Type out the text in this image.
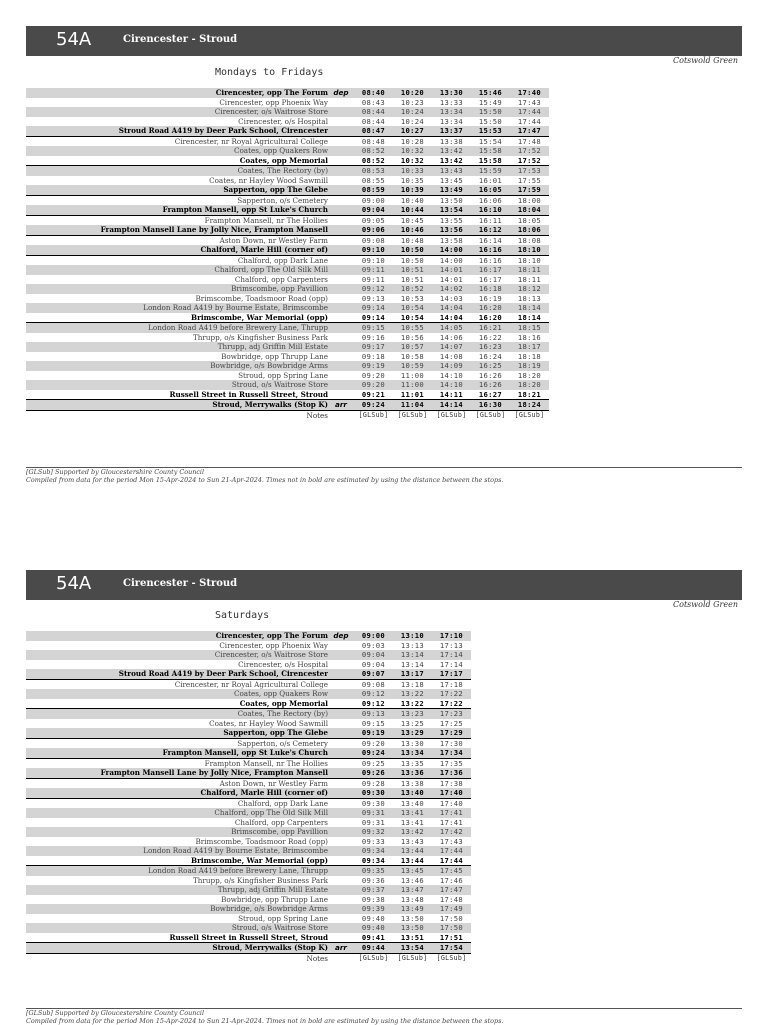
54A	Cirencester - Stroud
Cotswold Green
Mondays to Fridays
Cirencester, opp The Forum	dep	08:40	10:20	13:30	15:46	17:40
Cirencester, opp Phoenix Way		08:43	10:23	13:33	15:49	17:43
Cirencester, o/s Waitrose Store		08:44	10:24	13:34	15:50	17:44
Cirencester, o/s Hospital		08:44	10:24	13:34	15:50	17:44
Stroud Road A419 by Deer Park School, Cirencester		08:47	10:27	13:37	15:53	17:47
Cirencester, nr Royal Agricultural College		08:48	10:28	13:38	15:54	17:48
Coates, opp Quakers Row		08:52	10:32	13:42	15:58	17:52
Coates, opp Memorial		08:52	10:32	13:42	15:58	17:52
Coates, The Rectory (by)		08:53	10:33	13:43	15:59	17:53
Coates, nr Hayley Wood Sawmill		08:55	10:35	13:45	16:01	17:55
Sapperton, opp The Glebe		08:59	10:39	13:49	16:05	17:59
Sapperton, o/s Cemetery		09:00	10:40	13:50	16:06	18:00
Frampton Mansell, opp St Luke's Church		09:04	10:44	13:54	16:10	18:04
Frampton Mansell, nr The Hollies		09:05	10:45	13:55	16:11	18:05
Frampton Mansell Lane by Jolly Nice, Frampton Mansell		09:06	10:46	13:56	16:12	18:06
Aston Down, nr Westley Farm		09:08	10:48	13:58	16:14	18:08
Chalford, Marle Hill (corner of)		09:10	10:50	14:00	16:16	18:10
Chalford, opp Dark Lane		09:10	10:50	14:00	16:16	18:10
Chalford, opp The Old Silk Mill		09:11	10:51	14:01	16:17	18:11
Chalford, opp Carpenters		09:11	10:51	14:01	16:17	18:11
Brimscombe, opp Pavillion		09:12	10:52	14:02	16:18	18:12
Brimscombe, Toadsmoor Road (opp)		09:13	10:53	14:03	16:19	18:13
London Road A419 by Bourne Estate, Brimscombe		09:14	10:54	14:04	16:20	18:14
Brimscombe, War Memorial (opp)		09:14	10:54	14:04	16:20	18:14
London Road A419 before Brewery Lane, Thrupp		09:15	10:55	14:05	16:21	18:15
Thrupp, o/s Kingfisher Business Park		09:16	10:56	14:06	16:22	18:16
Thrupp, adj Griffin Mill Estate		09:17	10:57	14:07	16:23	18:17
Bowbridge, opp Thrupp Lane		09:18	10:58	14:08	16:24	18:18
Bowbridge, o/s Bowbridge Arms		09:19	10:59	14:09	16:25	18:19
Stroud, opp Spring Lane		09:20	11:00	14:10	16:26	18:20
Stroud, o/s Waitrose Store		09:20	11:00	14:10	16:26	18:20
Russell Street in Russell Street, Stroud		09:21	11:01	14:11	16:27	18:21
Stroud, Merrywalks (Stop K)	arr	09:24	11:04	14:14	16:30	18:24
Notes		[GLSub]	[GLSub]	[GLSub]	[GLSub]	[GLSub]
[GLSub] Supported by Gloucestershire County Council
Compiled from data for the period Mon 15-Apr-2024 to Sun 21-Apr-2024. Times not in bold are estimated by using the distance between the stops.
54A	Cirencester - Stroud
Cotswold Green
Saturdays
Cirencester, opp The Forum	dep	09:00	13:10	17:10
Cirencester, opp Phoenix Way		09:03	13:13	17:13
Cirencester, o/s Waitrose Store		09:04	13:14	17:14
Cirencester, o/s Hospital		09:04	13:14	17:14
Stroud Road A419 by Deer Park School, Cirencester		09:07	13:17	17:17
Cirencester, nr Royal Agricultural College		09:08	13:18	17:18
Coates, opp Quakers Row		09:12	13:22	17:22
Coates, opp Memorial		09:12	13:22	17:22
Coates, The Rectory (by)		09:13	13:23	17:23
Coates, nr Hayley Wood Sawmill		09:15	13:25	17:25
Sapperton, opp The Glebe		09:19	13:29	17:29
Sapperton, o/s Cemetery		09:20	13:30	17:30
Frampton Mansell, opp St Luke's Church		09:24	13:34	17:34
Frampton Mansell, nr The Hollies		09:25	13:35	17:35
Frampton Mansell Lane by Jolly Nice, Frampton Mansell		09:26	13:36	17:36
Aston Down, nr Westley Farm		09:28	13:38	17:38
Chalford, Marle Hill (corner of)		09:30	13:40	17:40
Chalford, opp Dark Lane		09:30	13:40	17:40
Chalford, opp The Old Silk Mill		09:31	13:41	17:41
Chalford, opp Carpenters		09:31	13:41	17:41
Brimscombe, opp Pavillion		09:32	13:42	17:42
Brimscombe, Toadsmoor Road (opp)		09:33	13:43	17:43
London Road A419 by Bourne Estate, Brimscombe		09:34	13:44	17:44
Brimscombe, War Memorial (opp)		09:34	13:44	17:44
London Road A419 before Brewery Lane, Thrupp		09:35	13:45	17:45
Thrupp, o/s Kingfisher Business Park		09:36	13:46	17:46
Thrupp, adj Griffin Mill Estate		09:37	13:47	17:47
Bowbridge, opp Thrupp Lane		09:38	13:48	17:48
Bowbridge, o/s Bowbridge Arms		09:39	13:49	17:49
Stroud, opp Spring Lane		09:40	13:50	17:50
Stroud, o/s Waitrose Store		09:40	13:50	17:50
Russell Street in Russell Street, Stroud		09:41	13:51	17:51
Stroud, Merrywalks (Stop K)	arr	09:44	13:54	17:54
Notes		[GLSub]	[GLSub]	[GLSub]
[GLSub] Supported by Gloucestershire County Council
Compiled from data for the period Mon 15-Apr-2024 to Sun 21-Apr-2024. Times not in bold are estimated by using the distance between the stops.
